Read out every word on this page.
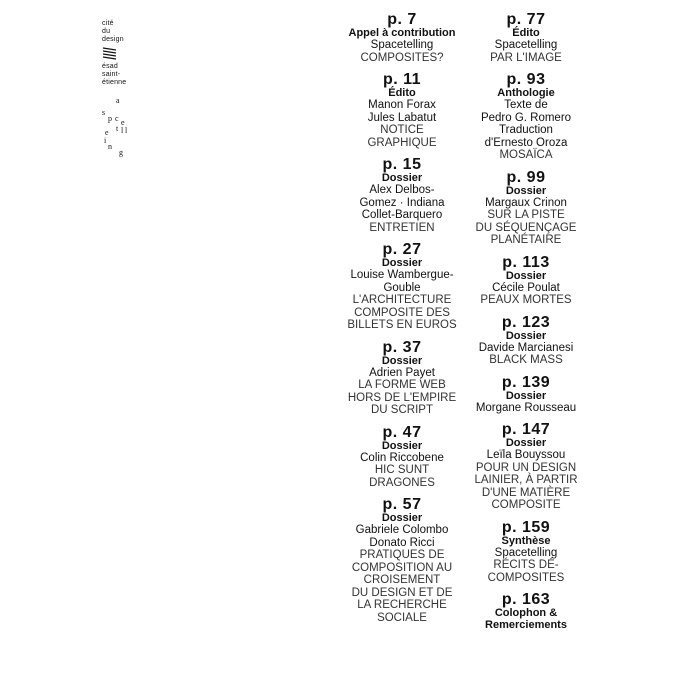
cité
du
design
ésad
saint-
étienne
a
s
p c e
e t l l
i
n
g
p. 7
Appel à contribution
Spacetelling
COMPOSITES?
p. 11
Édito
Manon Forax
Jules Labatut
NOTICE
GRAPHIQUE
p. 15
Dossier
Alex Delbos-
Gomez · Indiana
Collet-Barquero
ENTRETIEN
p. 27
Dossier
Louise Wambergue-
Gouble
L'ARCHITECTURE
COMPOSITE DES
BILLETS EN EUROS
p. 37
Dossier
Adrien Payet
LA FORME WEB
HORS DE L'EMPIRE
DU SCRIPT
p. 47
Dossier
Colin Riccobene
HIC SUNT
DRAGONES
p. 57
Dossier
Gabriele Colombo
Donato Ricci
PRATIQUES DE
COMPOSITION AU
CROISEMENT
DU DESIGN ET DE
LA RECHERCHE
SOCIALE
p. 77
Édito
Spacetelling
PAR L'IMAGE
p. 93
Anthologie
Texte de
Pedro G. Romero
Traduction
d'Ernesto Oroza
MOSAÏCA
p. 99
Dossier
Margaux Crinon
SUR LA PISTE
DU SÉQUENÇAGE
PLANÉTAIRE
p. 113
Dossier
Cécile Poulat
PEAUX MORTES
p. 123
Dossier
Davide Marcianesi
BLACK MASS
p. 139
Dossier
Morgane Rousseau
p. 147
Dossier
Leïla Bouyssou
POUR UN DESIGN
LAINIER, À PARTIR
D'UNE MATIÈRE
COMPOSITE
p. 159
Synthèse
Spacetelling
RÉCITS DÉ-
COMPOSITES
p. 163
Colophon &
Remerciements
